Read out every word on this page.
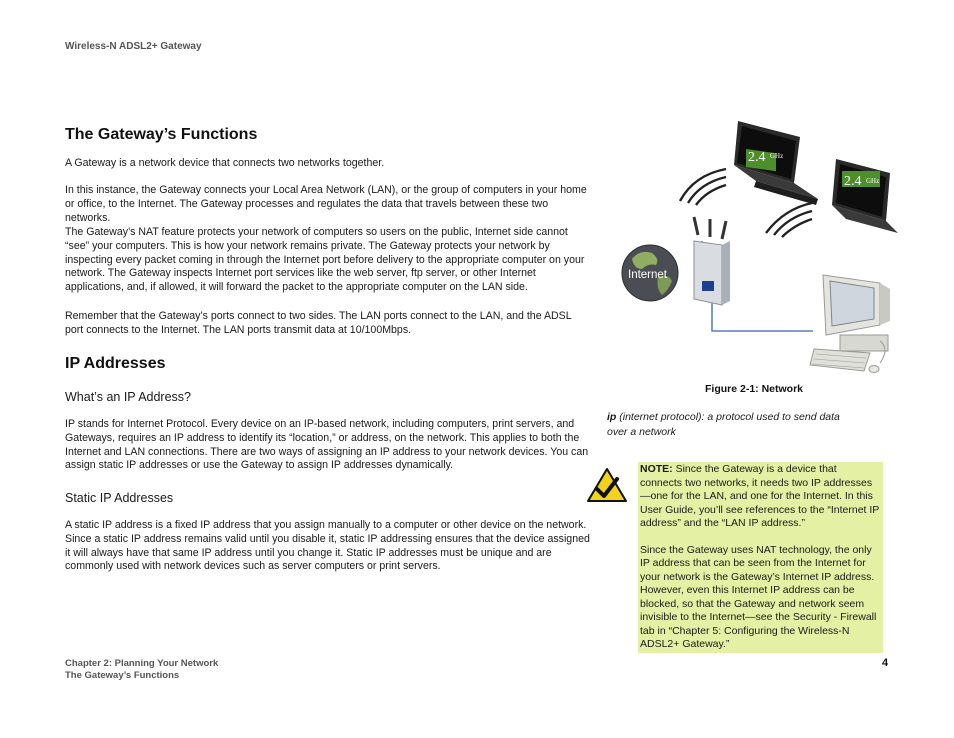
Wireless-N ADSL2+ Gateway
The Gateway’s Functions

A Gateway is a network device that connects two networks together.

In this instance, the Gateway connects your Local Area Network (LAN), or the group of computers in your home or office, to the Internet. The Gateway processes and regulates the data that travels between these two networks.

The Gateway’s NAT feature protects your network of computers so users on the public, Internet side cannot “see” your computers. This is how your network remains private. The Gateway protects your network by inspecting every packet coming in through the Internet port before delivery to the appropriate computer on your network. The Gateway inspects Internet port services like the web server, ftp server, or other Internet applications, and, if allowed, it will forward the packet to the appropriate computer on the LAN side.

Remember that the Gateway’s ports connect to two sides. The LAN ports connect to the LAN, and the ADSL port connects to the Internet. The LAN ports transmit data at 10/100Mbps.

IP Addresses
What’s an IP Address?

IP stands for Internet Protocol. Every device on an IP-based network, including computers, print servers, and Gateways, requires an IP address to identify its “location,” or address, on the network. This applies to both the Internet and LAN connections. There are two ways of assigning an IP address to your network devices. You can assign static IP addresses or use the Gateway to assign IP addresses dynamically.

Static IP Addresses

A static IP address is a fixed IP address that you assign manually to a computer or other device on the network. Since a static IP address remains valid until you disable it, static IP addressing ensures that the device assigned it will always have that same IP address until you change it. Static IP addresses must be unique and are commonly used with network devices such as server computers or print servers.

2.4 GHz
2.4 GHz
Internet
Figure 2-1: Network
ip (internet protocol): a protocol used to send data over a network

NOTE: Since the Gateway is a device that connects two networks, it needs two IP addresses—one for the LAN, and one for the Internet. In this User Guide, you’ll see references to the “Internet IP address” and the “LAN IP address.”

Since the Gateway uses NAT technology, the only IP address that can be seen from the Internet for your network is the Gateway’s Internet IP address. However, even this Internet IP address can be blocked, so that the Gateway and network seem invisible to the Internet—see the Security - Firewall tab in “Chapter 5: Configuring the Wireless-N ADSL2+ Gateway.”

Chapter 2: Planning Your Network
The Gateway’s Functions
4
